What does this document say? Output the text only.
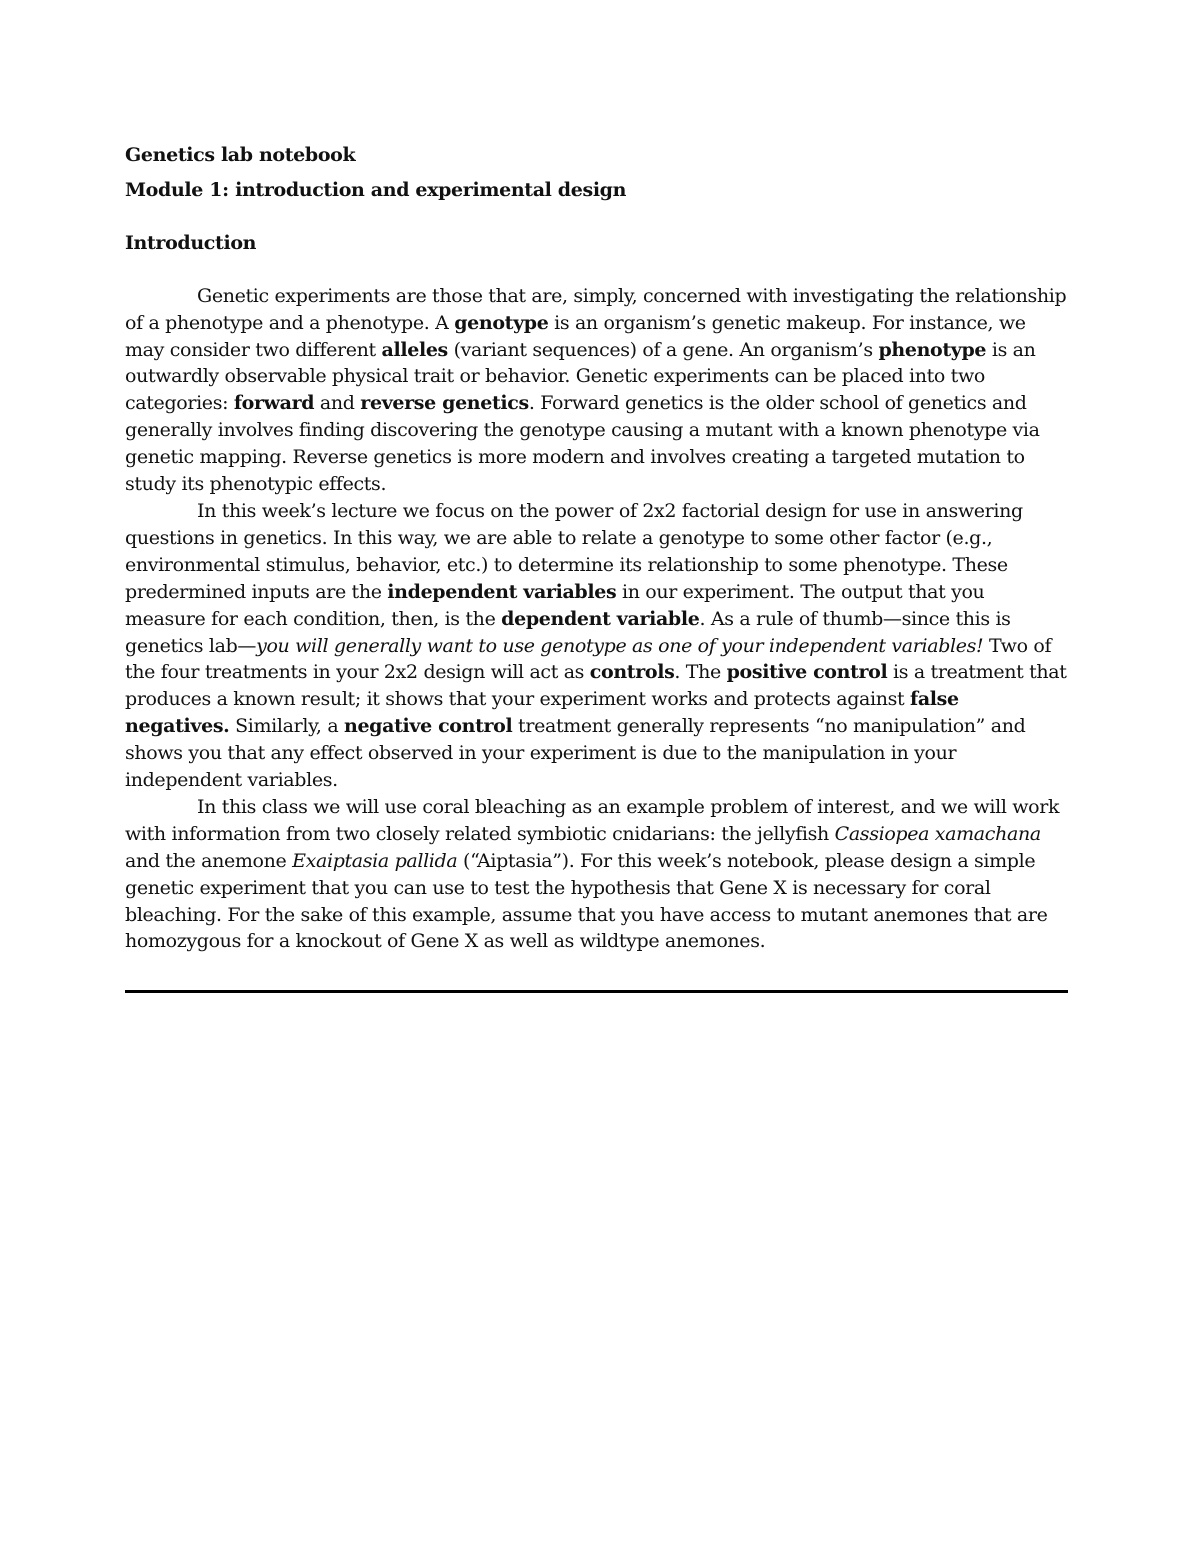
Genetics lab notebook
Module 1: introduction and experimental design
Introduction

Genetic experiments are those that are, simply, concerned with investigating the relationship of a phenotype and a phenotype. A genotype is an organism’s genetic makeup. For instance, we may consider two different alleles (variant sequences) of a gene. An organism’s phenotype is an outwardly observable physical trait or behavior. Genetic experiments can be placed into two categories: forward and reverse genetics. Forward genetics is the older school of genetics and generally involves finding discovering the genotype causing a mutant with a known phenotype via genetic mapping. Reverse genetics is more modern and involves creating a targeted mutation to study its phenotypic effects.

In this week’s lecture we focus on the power of 2x2 factorial design for use in answering questions in genetics. In this way, we are able to relate a genotype to some other factor (e.g., environmental stimulus, behavior, etc.) to determine its relationship to some phenotype. These predermined inputs are the independent variables in our experiment. The output that you measure for each condition, then, is the dependent variable. As a rule of thumb—since this is genetics lab—you will generally want to use genotype as one of your independent variables! Two of the four treatments in your 2x2 design will act as controls. The positive control is a treatment that produces a known result; it shows that your experiment works and protects against false negatives. Similarly, a negative control treatment generally represents “no manipulation” and shows you that any effect observed in your experiment is due to the manipulation in your independent variables.

In this class we will use coral bleaching as an example problem of interest, and we will work with information from two closely related symbiotic cnidarians: the jellyfish Cassiopea xamachana and the anemone Exaiptasia pallida (“Aiptasia”). For this week’s notebook, please design a simple genetic experiment that you can use to test the hypothesis that Gene X is necessary for coral bleaching. For the sake of this example, assume that you have access to mutant anemones that are homozygous for a knockout of Gene X as well as wildtype anemones.
